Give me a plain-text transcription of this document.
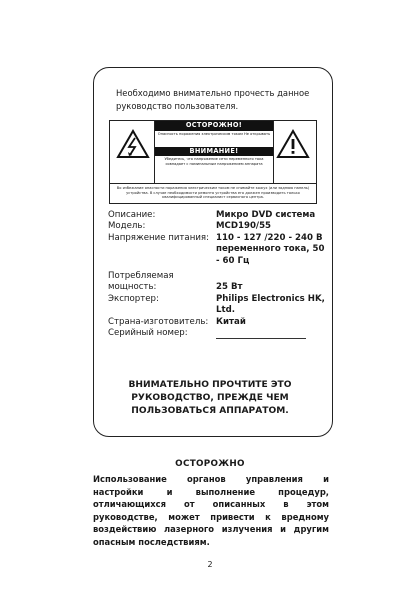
Необходимо внимательно прочесть данное руководство пользователя.
ОСТОРОЖНО!
Опасность поражения электрическим током Не открывать
ВНИМАНИЕ!
Убедитесь, что напряжение сети переменного тока совпадает с номинальным напряжением аппарата
Во избежание опасности поражения электрическим током не снимайте кожух (или заднюю панель) устройства. В случае необходимости ремонта устройства его должен производить только квалифицированный специалист сервисного центра.
Описание:	Микро DVD система
Модель:	MCD190/55
Напряжение питания: 110 - 127 /220 - 240 В переменного тока, 50 - 60 Гц
Потребляемая мощность:	25 Вт
Экспортер:	Philips Electronics HK, Ltd.
Страна-изготовитель: Китай
Серийный номер:
ВНИМАТЕЛЬНО ПРОЧТИТЕ ЭТО РУКОВОДСТВО, ПРЕЖДЕ ЧЕМ ПОЛЬЗОВАТЬСЯ АППАРАТОМ.
ОСТОРОЖНО
Использование органов управления и настройки и выполнение процедур, отличающихся от описанных в этом руководстве, может привести к вредному воздействию лазерного излучения и другим опасным последствиям.
2
